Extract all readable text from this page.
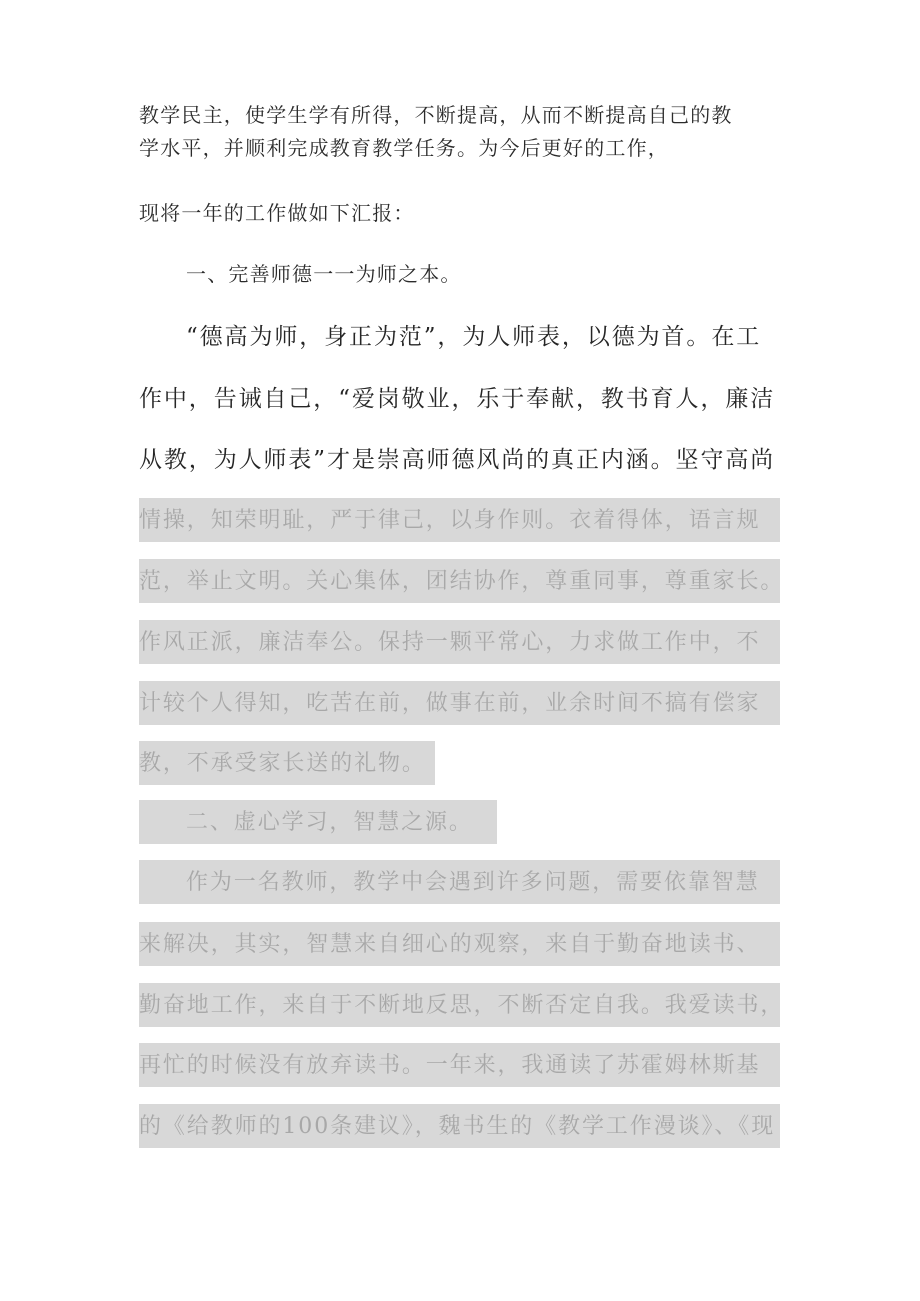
教学民主，使学生学有所得，不断提高，从而不断提高自己的教
学水平，并顺利完成教育教学任务。为今后更好的工作，
现将一年的工作做如下汇报：
一、完善师德一一为师之本。
“德高为师，身正为范”，为人师表，以德为首。在工
作中，告诫自己，“爱岗敬业，乐于奉献，教书育人，廉洁
从教，为人师表”才是崇高师德风尚的真正内涵。坚守高尚
情操，知荣明耻，严于律己，以身作则。衣着得体，语言规
范，举止文明。关心集体，团结协作，尊重同事，尊重家长。
作风正派，廉洁奉公。保持一颗平常心，力求做工作中，不
计较个人得知，吃苦在前，做事在前，业余时间不搞有偿家
教，不承受家长送的礼物。
二、虚心学习，智慧之源。
作为一名教师，教学中会遇到许多问题，需要依靠智慧
来解决，其实，智慧来自细心的观察，来自于勤奋地读书、
勤奋地工作，来自于不断地反思，不断否定自我。我爱读书，
再忙的时候没有放弃读书。一年来，我通读了苏霍姆林斯基
的《给教师的100条建议》，魏书生的《教学工作漫谈》、《现
